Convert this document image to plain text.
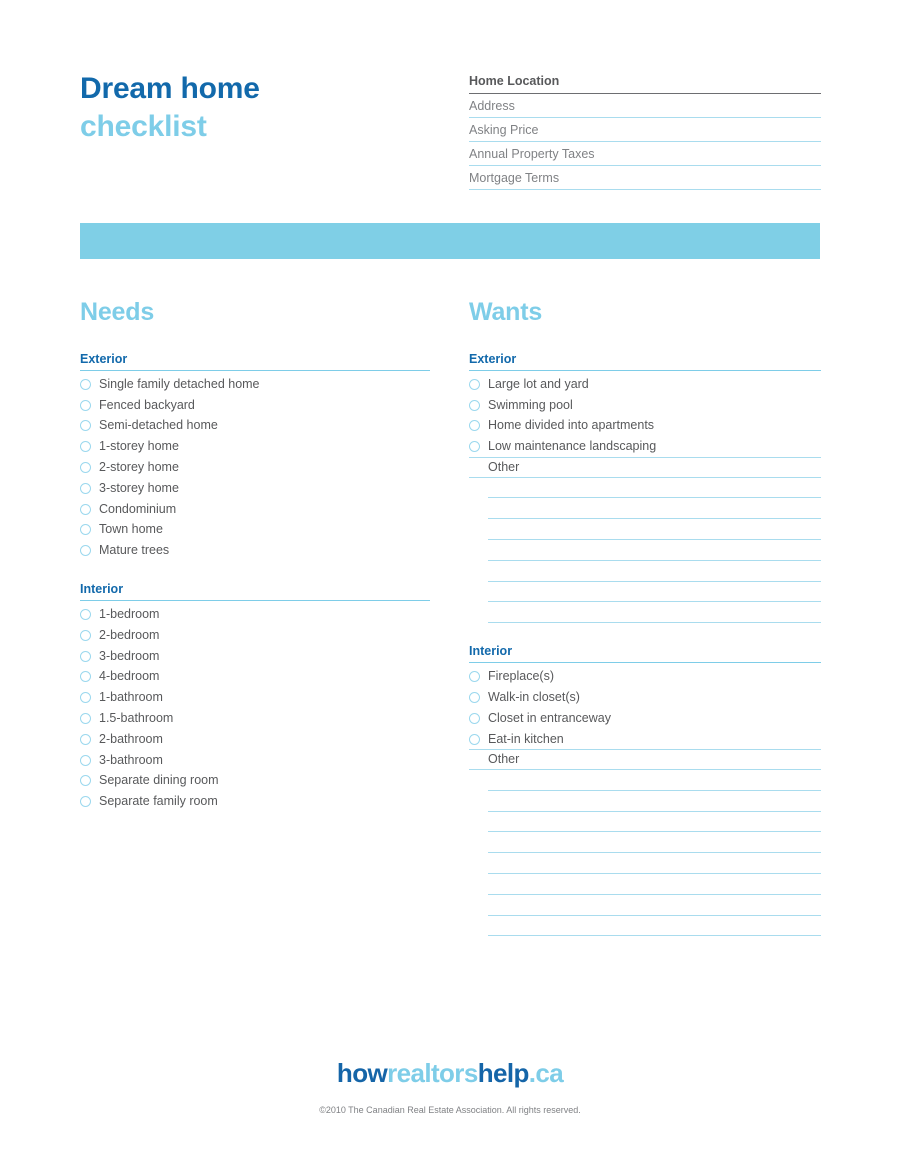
Dream home
checklist
Home Location
Address
Asking Price
Annual Property Taxes
Mortgage Terms
Needs
Exterior
Single family detached home
Fenced backyard
Semi-detached home
1-storey home
2-storey home
3-storey home
Condominium
Town home
Mature trees
Interior
1-bedroom
2-bedroom
3-bedroom
4-bedroom
1-bathroom
1.5-bathroom
2-bathroom
3-bathroom
Separate dining room
Separate family room
Wants
Exterior
Large lot and yard
Swimming pool
Home divided into apartments
Low maintenance landscaping
Other
Interior
Fireplace(s)
Walk-in closet(s)
Closet in entranceway
Eat-in kitchen
Other
howrealtorshelp.ca
©2010 The Canadian Real Estate Association. All rights reserved.
